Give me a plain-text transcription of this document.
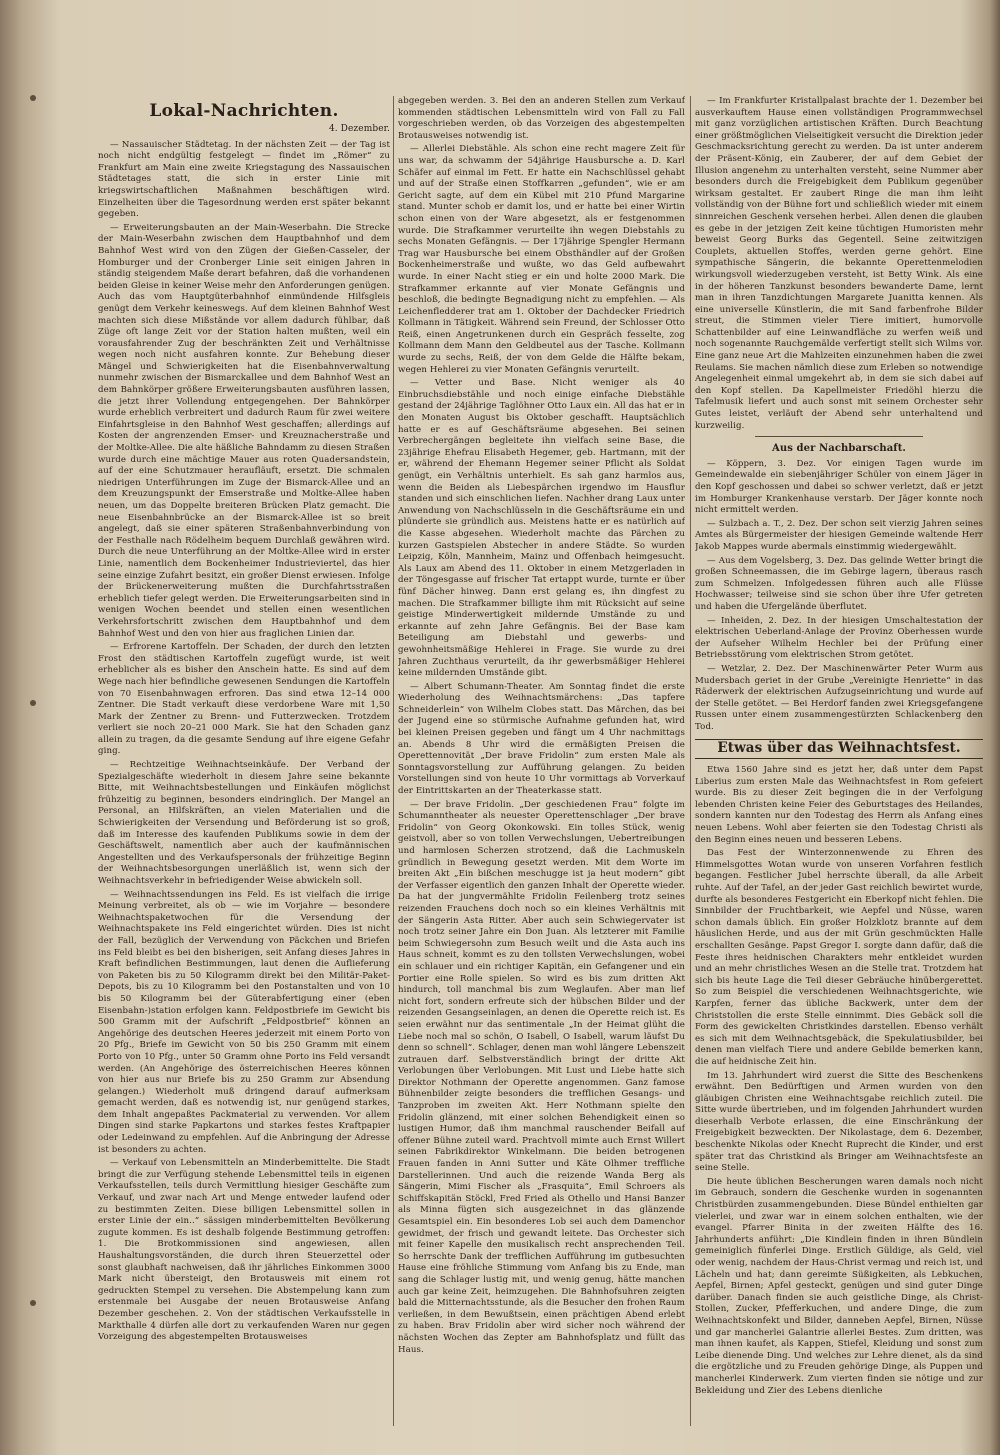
Lokal-Nachrichten.
4. Dezember.

— Nassauischer Städtetag. In der nächsten Zeit — der Tag ist noch nicht endgültig festgelegt — findet im „Römer“ zu Frankfurt am Main eine zweite Kriegstagung des Nassauischen Städtetages statt, die sich in erster Linie mit kriegswirtschaftlichen Maßnahmen beschäftigen wird. Einzelheiten über die Tagesordnung werden erst später bekannt gegeben.

— Erweiterungsbauten an der Main-Weserbahn. Die Strecke der Main-Weserbahn zwischen dem Hauptbahnhof und dem Bahnhof West wird von den Zügen der Gießen-Casseler, der Homburger und der Cronberger Linie seit einigen Jahren in ständig steigendem Maße derart befahren, daß die vorhandenen beiden Gleise in keiner Weise mehr den Anforderungen genügen. Auch das vom Hauptgüterbahnhof einmündende Hilfsgleis genügt dem Verkehr keineswegs. Auf dem kleinen Bahnhof West machten sich diese Mißstände vor allem dadurch fühlbar, daß Züge oft lange Zeit vor der Station halten mußten, weil ein vorausfahrender Zug der beschränkten Zeit und Verhältnisse wegen noch nicht ausfahren konnte. Zur Behebung dieser Mängel und Schwierigkeiten hat die Eisenbahnverwaltung nunmehr zwischen der Bismarckallee und dem Bahnhof West an dem Bahnkörper größere Erweiterungsbauten ausführen lassen, die jetzt ihrer Vollendung entgegengehen. Der Bahnkörper wurde erheblich verbreitert und dadurch Raum für zwei weitere Einfahrtsgleise in den Bahnhof West geschaffen; allerdings auf Kosten der angrenzenden Emser- und Kreuznacherstraße und der Moltke-Allee. Die alte häßliche Bahndamm zu diesen Straßen wurde durch eine mächtige Mauer aus roten Quadersandstein, auf der eine Schutzmauer heraufläuft, ersetzt. Die schmalen niedrigen Unterführungen im Zuge der Bismarck-Allee und an dem Kreuzungspunkt der Emserstraße und Moltke-Allee haben neuen, um das Doppelte breiteren Brücken Platz gemacht. Die neue Eisenbahnbrücke an der Bismarck-Allee ist so breit angelegt, daß sie einer späteren Straßenbahnverbindung von der Festhalle nach Rödelheim bequem Durchlaß gewähren wird. Durch die neue Unterführung an der Moltke-Allee wird in erster Linie, namentlich dem Bockenheimer Industrieviertel, das hier seine einzige Zufahrt besitzt, ein großer Dienst erwiesen. Infolge der Brückenerweiterung mußten die Durchfahrtsstraßen erheblich tiefer gelegt werden. Die Erweiterungsarbeiten sind in wenigen Wochen beendet und stellen einen wesentlichen Verkehrsfortschritt zwischen dem Hauptbahnhof und dem Bahnhof West und den von hier aus fraglichen Linien dar.

— Erfrorene Kartoffeln. Der Schaden, der durch den letzten Frost den städtischen Kartoffeln zugefügt wurde, ist weit erheblicher als es bisher den Anschein hatte. Es sind auf dem Wege nach hier befindliche gewesenen Sendungen die Kartoffeln von 70 Eisenbahnwagen erfroren. Das sind etwa 12–14 000 Zentner. Die Stadt verkauft diese verdorbene Ware mit 1,50 Mark der Zentner zu Brenn- und Futterzwecken. Trotzdem verliert sie noch 20–21 000 Mark. Sie hat den Schaden ganz allein zu tragen, da die gesamte Sendung auf ihre eigene Gefahr ging.

— Rechtzeitige Weihnachtseinkäufe. Der Verband der Spezialgeschäfte wiederholt in diesem Jahre seine bekannte Bitte, mit Weihnachtsbestellungen und Einkäufen möglichst frühzeitig zu beginnen, besonders eindringlich. Der Mangel an Personal, an Hilfskräften, an vielen Materialien und die Schwierigkeiten der Versendung und Beförderung ist so groß, daß im Interesse des kaufenden Publikums sowie in dem der Geschäftswelt, namentlich aber auch der kaufmännischen Angestellten und des Verkaufspersonals der frühzeitige Beginn der Weihnachtsbesorgungen unerläßlich ist, wenn sich der Weihnachtsverkehr in befriedigender Weise abwickeln soll.

— Weihnachtssendungen ins Feld. Es ist vielfach die irrige Meinung verbreitet, als ob — wie im Vorjahre — besondere Weihnachtspaketwochen für die Versendung der Weihnachtspakete ins Feld eingerichtet würden. Dies ist nicht der Fall, bezüglich der Verwendung von Päckchen und Briefen ins Feld bleibt es bei den bisherigen, seit Anfang dieses Jahres in Kraft befindlichen Bestimmungen, laut denen die Auflieferung von Paketen bis zu 50 Kilogramm direkt bei den Militär-Paket-Depots, bis zu 10 Kilogramm bei den Postanstalten und von 10 bis 50 Kilogramm bei der Güterabfertigung einer (eben Eisenbahn-)station erfolgen kann. Feldpostbriefe im Gewicht bis 500 Gramm mit der Aufschrift „Feldpostbrief“ können an Angehörige des deutschen Heeres jederzeit mit einem Porto von 20 Pfg., Briefe im Gewicht von 50 bis 250 Gramm mit einem Porto von 10 Pfg., unter 50 Gramm ohne Porto ins Feld versandt werden. (An Angehörige des österreichischen Heeres können von hier aus nur Briefe bis zu 250 Gramm zur Absendung gelangen.) Wiederholt muß dringend darauf aufmerksam gemacht werden, daß es notwendig ist, nur genügend starkes, dem Inhalt angepaßtes Packmaterial zu verwenden. Vor allem Dingen sind starke Papkartons und starkes festes Kraftpapier oder Ledeinwand zu empfehlen. Auf die Anbringung der Adresse ist besonders zu achten.

— Verkauf von Lebensmitteln an Minderbemittelte. Die Stadt bringt die zur Verfügung stehende Lebensmittel teils in eigenen Verkaufsstellen, teils durch Vermittlung hiesiger Geschäfte zum Verkauf, und zwar nach Art und Menge entweder laufend oder zu bestimmten Zeiten. Diese billigen Lebensmittel sollen in erster Linie der ein..“ sässigen minderbemittelten Bevölkerung zugute kommen. Es ist deshalb folgende Bestimmung getroffen: 1. Die Brotkommissionen sind angewiesen, allen Haushaltungsvorständen, die durch ihren Steuerzettel oder sonst glaubhaft nachweisen, daß ihr jährliches Einkommen 3000 Mark nicht übersteigt, den Brotausweis mit einem rot gedruckten Stempel zu versehen. Die Abstempelung kann zum erstenmale bei Ausgabe der neuen Brotausweise Anfang Dezember geschehen. 2. Von der städtischen Verkaufsstelle in Markthalle 4 dürfen alle dort zu verkaufenden Waren nur gegen Vorzeigung des abgestempelten Brotausweises

abgegeben werden. 3. Bei den an anderen Stellen zum Verkauf kommenden städtischen Lebensmitteln wird von Fall zu Fall vorgeschrieben werden, ob das Vorzeigen des abgestempelten Brotausweises notwendig ist.

— Allerlei Diebstähle. Als schon eine recht magere Zeit für uns war, da schwamm der 54jährige Hausbursche a. D. Karl Schäfer auf einmal im Fett. Er hatte ein Nachschlüssel gehabt und auf der Straße einen Stoffkarren „gefunden“, wie er am Gericht sagte, auf dem ein Kübel mit 210 Pfund Margarine stand. Munter schob er damit los, und er hatte bei einer Wirtin schon einen von der Ware abgesetzt, als er festgenommen wurde. Die Strafkammer verurteilte ihn wegen Diebstahls zu sechs Monaten Gefängnis. — Der 17jährige Spengler Hermann Trag war Hausbursche bei einem Obsthändler auf der Großen Bockenheimerstraße und wußte, wo das Geld aufbewahrt wurde. In einer Nacht stieg er ein und holte 2000 Mark. Die Strafkammer erkannte auf vier Monate Gefängnis und beschloß, die bedingte Begnadigung nicht zu empfehlen. — Als Leichenfledderer trat am 1. Oktober der Dachdecker Friedrich Kollmann in Tätigkeit. Während sein Freund, der Schlosser Otto Reiß, einen Angetrunkenen durch ein Gespräch fesselte, zog Kollmann dem Mann den Geldbeutel aus der Tasche. Kollmann wurde zu sechs, Reiß, der von dem Gelde die Hälfte bekam, wegen Hehlerei zu vier Monaten Gefängnis verurteilt.

— Vetter und Base. Nicht weniger als 40 Einbruchsdiebstähle und noch einige einfache Diebstähle gestand der 24jährige Taglöhner Otto Laux ein. All das hat er in den Monaten August bis Oktober geschafft. Hauptsächlich hatte er es auf Geschäftsräume abgesehen. Bei seinen Verbrechergängen begleitete ihn vielfach seine Base, die 23jährige Ehefrau Elisabeth Hegemer, geb. Hartmann, mit der er, während der Ehemann Hegemer seiner Pflicht als Soldat genügt, ein Verhältnis unterhielt. Es sah ganz harmlos aus, wenn die Beiden als Liebespärchen irgendwo im Hausflur standen und sich einschlichen liefen. Nachher drang Laux unter Anwendung von Nachschlüsseln in die Geschäftsräume ein und plünderte sie gründlich aus. Meistens hatte er es natürlich auf die Kasse abgesehen. Wiederholt machte das Pärchen zu kurzen Gastspielen Abstecher in andere Städte. So wurden Leipzig, Köln, Mannheim, Mainz und Offenbach heimgesucht. Als Laux am Abend des 11. Oktober in einem Metzgerladen in der Töngesgasse auf frischer Tat ertappt wurde, turnte er über fünf Dächer hinweg. Dann erst gelang es, ihn dingfest zu machen. Die Strafkammer billigte ihm mit Rücksicht auf seine geistige Minderwertigkeit mildernde Umstände zu und erkannte auf zehn Jahre Gefängnis. Bei der Base kam Beteiligung am Diebstahl und gewerbs- und gewohnheitsmäßige Hehlerei in Frage. Sie wurde zu drei Jahren Zuchthaus verurteilt, da ihr gewerbsmäßiger Hehlerei keine mildernden Umstände gibt.

— Albert Schumann-Theater. Am Sonntag findet die erste Wiederholung des Weihnachtsmärchens: „Das tapfere Schneiderlein“ von Wilhelm Clobes statt. Das Märchen, das bei der Jugend eine so stürmische Aufnahme gefunden hat, wird bei kleinen Preisen gegeben und fängt um 4 Uhr nachmittags an. Abends 8 Uhr wird die ermäßigten Preisen die Operettennovität „Der brave Fridolin“ zum ersten Male als Sonntagsvorstellung zur Aufführung gelangen. Zu beiden Vorstellungen sind von heute 10 Uhr vormittags ab Vorverkauf der Eintrittskarten an der Theaterkasse statt.

— Der brave Fridolin. „Der geschiedenen Frau“ folgte im Schumanntheater als neuester Operettenschlager „Der brave Fridolin“ von Georg Okonkowski. Ein tolles Stück, wenig geistvoll, aber so von tollen Verwechslungen, Uebertreibungen und harmlosen Scherzen strotzend, daß die Lachmuskeln gründlich in Bewegung gesetzt werden. Mit dem Worte im breiten Akt „Ein bißchen meschugge ist ja heut modern“ gibt der Verfasser eigentlich den ganzen Inhalt der Operette wieder. Da hat der jungvermählte Fridolin Feilenberg trotz seines reizenden Frauchens doch noch so ein kleines Verhältnis mit der Sängerin Asta Ritter. Aber auch sein Schwiegervater ist noch trotz seiner Jahre ein Don Juan. Als letzterer mit Familie beim Schwiegersohn zum Besuch weilt und die Asta auch ins Haus schneit, kommt es zu den tollsten Verwechslungen, wobei ein schlauer und ein richtiger Kapitän, ein Gefangener und ein Portier eine Rolle spielen. So wird es bis zum dritten Akt hindurch, toll manchmal bis zum Weglaufen. Aber man lief nicht fort, sondern erfreute sich der hübschen Bilder und der reizenden Gesangseinlagen, an denen die Operette reich ist. Es seien erwähnt nur das sentimentale „In der Heimat glüht die Liebe noch mal so schön, O Isabell, O Isabell, warum läufst Du denn so schnell“. Schlager, denen man wohl längere Lebenszeit zutrauen darf. Selbstverständlich bringt der dritte Akt Verlobungen über Verlobungen. Mit Lust und Liebe hatte sich Direktor Nothmann der Operette angenommen. Ganz famose Bühnenbilder zeigte besonders die trefflichen Gesangs- und Tanzproben im zweiten Akt. Herr Nothmann spielte den Fridolin glänzend, mit einer solchen Behendigkeit einen so lustigen Humor, daß ihm manchmal rauschender Beifall auf offener Bühne zuteil ward. Prachtvoll mimte auch Ernst Willert seinen Fabrikdirektor Winkelmann. Die beiden betrogenen Frauen fanden in Anni Sutter und Käte Olhmer treffliche Darstellerinnen. Und auch die reizende Wanda Berg als Sängerin, Mimi Fischer als „Frasquita“, Emil Schroers als Schiffskapitän Stöckl, Fred Fried als Othello und Hansi Banzer als Minna fügten sich ausgezeichnet in das glänzende Gesamtspiel ein. Ein besonderes Lob sei auch dem Damenchor gewidmet, der frisch und gewandt leitete. Das Orchester sich mit feiner Kapelle den musikalisch recht ansprechenden Teil. So herrschte Dank der trefflichen Aufführung im gutbesuchten Hause eine fröhliche Stimmung vom Anfang bis zu Ende, man sang die Schlager lustig mit, und wenig genug, hätte manchen auch gar keine Zeit, heimzugehen. Die Bahnhofsuhren zeigten bald die Mitternachtsstunde, als die Besucher den frohen Raum verließen, in dem Bewußtsein, einen prächtigen Abend erlebt zu haben. Brav Fridolin aber wird sicher noch während der nächsten Wochen das Zepter am Bahnhofsplatz und füllt das Haus.

— Im Frankfurter Kristallpalast brachte der 1. Dezember bei ausverkauftem Hause einen vollständigen Programmwechsel mit ganz vorzüglichen artistischen Kräften. Durch Beachtung einer größtmöglichen Vielseitigkeit versucht die Direktion jeder Geschmacksrichtung gerecht zu werden. Da ist unter anderem der Präsent-König, ein Zauberer, der auf dem Gebiet der Illusion angenehm zu unterhalten versteht, seine Nummer aber besonders durch die Freigebigkeit dem Publikum gegenüber wirksam gestaltet. Er zaubert Ringe die man ihm leiht vollständig von der Bühne fort und schließlich wieder mit einem sinnreichen Geschenk versehen herbei. Allen denen die glauben es gebe in der jetzigen Zeit keine tüchtigen Humoristen mehr beweist Georg Burks das Gegenteil. Seine zeitwitzigen Couplets, aktuellen Stoffes, werden gerne gehört. Eine sympathische Sängerin, die bekannte Operettenmelodien wirkungsvoll wiederzugeben versteht, ist Betty Wink. Als eine in der höheren Tanzkunst besonders bewanderte Dame, lernt man in ihren Tanzdichtungen Margarete Juanitta kennen. Als eine universelle Künstlerin, die mit Sand farbenfrohe Bilder streut, die Stimmen vieler Tiere imitiert, humorvolle Schattenbilder auf eine Leinwandfläche zu werfen weiß und noch sogenannte Rauchgemälde verfertigt stellt sich Wilms vor. Eine ganz neue Art die Mahlzeiten einzunehmen haben die zwei Reulams. Sie machen nämlich diese zum Erleben so notwendige Angelegenheit einmal umgekehrt ab, in dem sie sich dabei auf den Kopf stellen. Da Kapellmeister Friedöhl hierzu die Tafelmusik liefert und auch sonst mit seinem Orchester sehr Gutes leistet, verläuft der Abend sehr unterhaltend und kurzweilig.

Aus der Nachbarschaft.

— Köppern, 3. Dez. Vor einigen Tagen wurde im Gemeindewalde ein siebenjähriger Schüler von einem Jäger in den Kopf geschossen und dabei so schwer verletzt, daß er jetzt im Homburger Krankenhause verstarb. Der Jäger konnte noch nicht ermittelt werden.

— Sulzbach a. T., 2. Dez. Der schon seit vierzig Jahren seines Amtes als Bürgermeister der hiesigen Gemeinde waltende Herr Jakob Mappes wurde abermals einstimmig wiedergewählt.

— Aus dem Vogelsberg, 3. Dez. Das gelinde Wetter bringt die großen Schneemassen, die im Gebirge lagern, überaus rasch zum Schmelzen. Infolgedessen führen auch alle Flüsse Hochwasser; teilweise sind sie schon über ihre Ufer getreten und haben die Ufergelände überflutet.

— Inheiden, 2. Dez. In der hiesigen Umschaltestation der elektrischen Ueberland-Anlage der Provinz Oberhessen wurde der Aufseher Wilhelm Hechler bei der Prüfung einer Betriebsstörung vom elektrischen Strom getötet.

— Wetzlar, 2. Dez. Der Maschinenwärter Peter Wurm aus Mudersbach geriet in der Grube „Vereinigte Henriette“ in das Räderwerk der elektrischen Aufzugseinrichtung und wurde auf der Stelle getötet. — Bei Herdorf fanden zwei Kriegsgefangene Russen unter einem zusammengestürzten Schlackenberg den Tod.

Etwas über das Weihnachtsfest.

Etwa 1560 Jahre sind es jetzt her, daß unter dem Papst Liberius zum ersten Male das Weihnachtsfest in Rom gefeiert wurde. Bis zu dieser Zeit begingen die in der Verfolgung lebenden Christen keine Feier des Geburtstages des Heilandes, sondern kannten nur den Todestag des Herrn als Anfang eines neuen Lebens. Wohl aber feierten sie den Todestag Christi als den Beginn eines neuen und besseren Lebens.

Das Fest der Winterzonnenwende zu Ehren des Himmelsgottes Wotan wurde von unseren Vorfahren festlich begangen. Festlicher Jubel herrschte überall, da alle Arbeit ruhte. Auf der Tafel, an der jeder Gast reichlich bewirtet wurde, durfte als besonderes Festgericht ein Eberkopf nicht fehlen. Die Sinnbilder der Fruchtbarkeit, wie Aepfel und Nüsse, waren schon damals üblich. Ein großer Holzklotz brannte auf dem häuslichen Herde, und aus der mit Grün geschmückten Halle erschallten Gesänge. Papst Gregor I. sorgte dann dafür, daß die Feste ihres heidnischen Charakters mehr entkleidet wurden und an mehr christliches Wesen an die Stelle trat. Trotzdem hat sich bis heute Lage die Teil dieser Gebräuche hinübergerettet. So zum Beispiel die verschiedenen Weihnachtsgerichte, wie Karpfen, ferner das übliche Backwerk, unter dem der Christstollen die erste Stelle einnimmt. Dies Gebäck soll die Form des gewickelten Christkindes darstellen. Ebenso verhält es sich mit dem Weihnachtsgebäck, die Spekulatiusbilder, bei denen man vielfach Tiere und andere Gebilde bemerken kann, die auf heidnische Zeit hin.

Im 13. Jahrhundert wird zuerst die Sitte des Beschenkens erwähnt. Den Bedürftigen und Armen wurden von den gläubigen Christen eine Weihnachtsgabe reichlich zuteil. Die Sitte wurde übertrieben, und im folgenden Jahrhundert wurden dieserhalb Verbote erlassen, die eine Einschränkung der Freigebigkeit bezweckten. Der Nikolastage, dem 6. Dezember, beschenkte Nikolas oder Knecht Ruprecht die Kinder, und erst später trat das Christkind als Bringer am Weihnachtsfeste an seine Stelle.

Die heute üblichen Bescherungen waren damals noch nicht im Gebrauch, sondern die Geschenke wurden in sogenannten Christbürden zusammengebunden. Diese Bündel enthielten gar vielerlei, und zwar war in einem solchen enthalten, wie der evangel. Pfarrer Binita in der zweiten Hälfte des 16. Jahrhunderts anführt: „Die Kindlein finden in ihren Bündlein gemeiniglich fünferlei Dinge. Erstlich Güldige, als Geld, viel oder wenig, nachdem der Haus-Christ vermag und reich ist, und Lächeln und hat; dann gereimte Süßigkeiten, als Lebkuchen, Aepfel, Birnen; Apfel gesteckt, genügen und sind guter Dinge darüber. Danach finden sie auch geistliche Dinge, als Christ-Stollen, Zucker, Pfefferkuchen, und andere Dinge, die zum Weihnachtskonfekt und Bilder, danneben Aepfel, Birnen, Nüsse und gar mancherlei Galantrie allerlei Bestes. Zum dritten, was man ihnen kaufet, als Kappen, Stiefel, Kleidung und sonst zum Leibe dienende Ding. Und welches zur Lehre dienet, als da sind die ergötzliche und zu Freuden gehörige Dinge, als Puppen und mancherlei Kinderwerk. Zum vierten finden sie nötige und zur Bekleidung und Zier des Lebens dienliche
